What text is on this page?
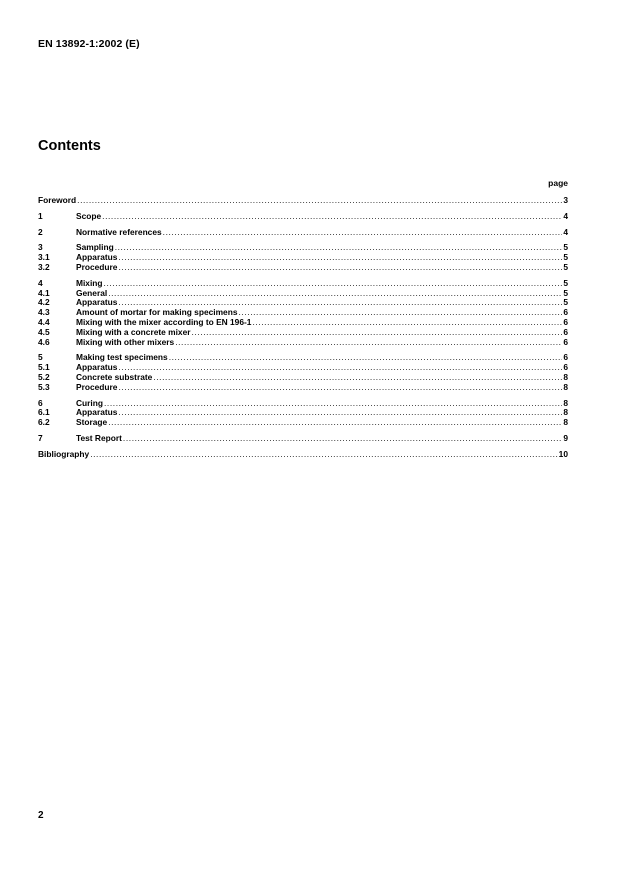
EN 13892-1:2002 (E)
Contents
page
Foreword .....	3
1	Scope .....	4
2	Normative references .....	4
3	Sampling .....	5
3.1	Apparatus .....	5
3.2	Procedure .....	5
4	Mixing .....	5
4.1	General .....	5
4.2	Apparatus .....	5
4.3	Amount of mortar for making specimens .....	6
4.4	Mixing with the mixer according to EN 196-1 .....	6
4.5	Mixing with a concrete mixer .....	6
4.6	Mixing with other mixers .....	6
5	Making test specimens .....	6
5.1	Apparatus .....	6
5.2	Concrete substrate .....	8
5.3	Procedure .....	8
6	Curing .....	8
6.1	Apparatus .....	8
6.2	Storage .....	8
7	Test Report .....	9
Bibliography .....	10
2
